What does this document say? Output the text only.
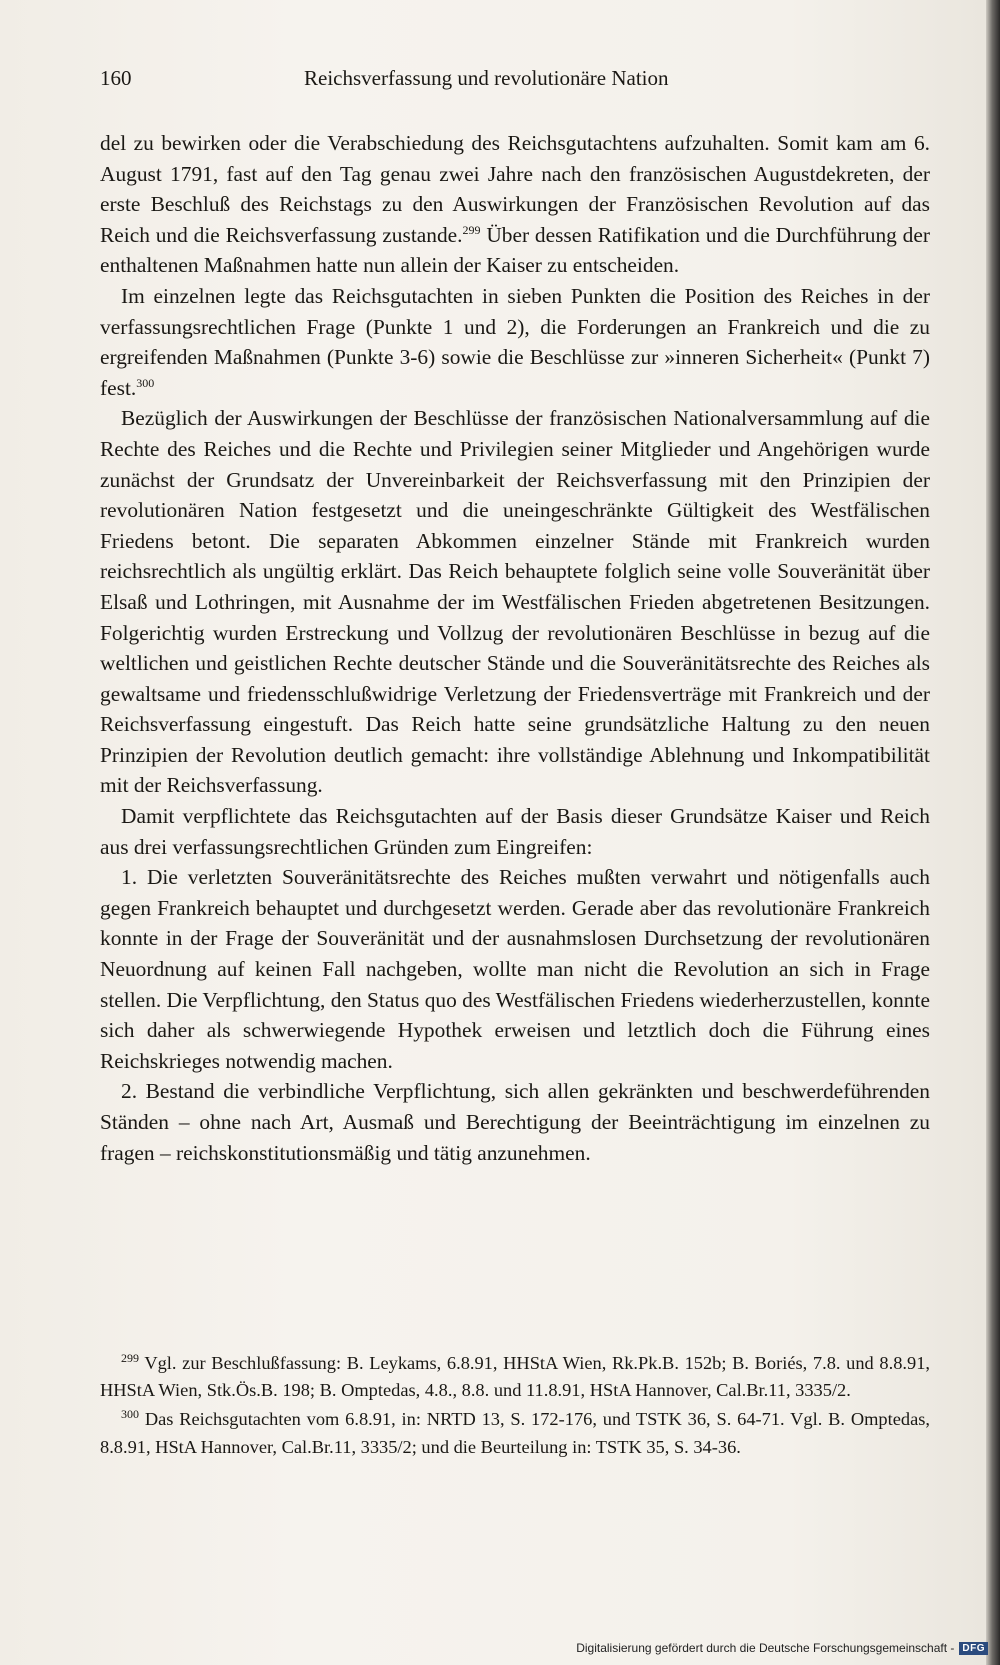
160	Reichsverfassung und revolutionäre Nation

del zu bewirken oder die Verabschiedung des Reichsgutachtens aufzuhalten. Somit kam am 6. August 1791, fast auf den Tag genau zwei Jahre nach den französischen Augustdekreten, der erste Beschluß des Reichstags zu den Auswirkungen der Französischen Revolution auf das Reich und die Reichsverfassung zustande.$^{299}$ Über dessen Ratifikation und die Durchführung der enthaltenen Maßnahmen hatte nun allein der Kaiser zu entscheiden.

Im einzelnen legte das Reichsgutachten in sieben Punkten die Position des Reiches in der verfassungsrechtlichen Frage (Punkte 1 und 2), die Forderungen an Frankreich und die zu ergreifenden Maßnahmen (Punkte 3-6) sowie die Beschlüsse zur »inneren Sicherheit« (Punkt 7) fest.$^{300}$

Bezüglich der Auswirkungen der Beschlüsse der französischen Nationalversammlung auf die Rechte des Reiches und die Rechte und Privilegien seiner Mitglieder und Angehörigen wurde zunächst der Grundsatz der Unvereinbarkeit der Reichsverfassung mit den Prinzipien der revolutionären Nation festgesetzt und die uneingeschränkte Gültigkeit des Westfälischen Friedens betont. Die separaten Abkommen einzelner Stände mit Frankreich wurden reichsrechtlich als ungültig erklärt. Das Reich behauptete folglich seine volle Souveränität über Elsaß und Lothringen, mit Ausnahme der im Westfälischen Frieden abgetretenen Besitzungen. Folgerichtig wurden Erstreckung und Vollzug der revolutionären Beschlüsse in bezug auf die weltlichen und geistlichen Rechte deutscher Stände und die Souveränitätsrechte des Reiches als gewaltsame und friedensschlußwidrige Verletzung der Friedensverträge mit Frankreich und der Reichsverfassung eingestuft. Das Reich hatte seine grundsätzliche Haltung zu den neuen Prinzipien der Revolution deutlich gemacht: ihre vollständige Ablehnung und Inkompatibilität mit der Reichsverfassung.

Damit verpflichtete das Reichsgutachten auf der Basis dieser Grundsätze Kaiser und Reich aus drei verfassungsrechtlichen Gründen zum Eingreifen:

1. Die verletzten Souveränitätsrechte des Reiches mußten verwahrt und nötigenfalls auch gegen Frankreich behauptet und durchgesetzt werden. Gerade aber das revolutionäre Frankreich konnte in der Frage der Souveränität und der ausnahmslosen Durchsetzung der revolutionären Neuordnung auf keinen Fall nachgeben, wollte man nicht die Revolution an sich in Frage stellen. Die Verpflichtung, den Status quo des Westfälischen Friedens wiederherzustellen, konnte sich daher als schwerwiegende Hypothek erweisen und letztlich doch die Führung eines Reichskrieges notwendig machen.

2. Bestand die verbindliche Verpflichtung, sich allen gekränkten und beschwerdeführenden Ständen – ohne nach Art, Ausmaß und Berechtigung der Beeinträchtigung im einzelnen zu fragen – reichskonstitutionsmäßig und tätig anzunehmen.

$^{299}$ Vgl. zur Beschlußfassung: B. Leykams, 6.8.91, HHStA Wien, Rk.Pk.B. 152b; B. Boriés, 7.8. und 8.8.91, HHStA Wien, Stk.Ös.B. 198; B. Omptedas, 4.8., 8.8. und 11.8.91, HStA Hannover, Cal.Br.11, 3335/2.

$^{300}$ Das Reichsgutachten vom 6.8.91, in: NRTD 13, S. 172-176, und TSTK 36, S. 64-71. Vgl. B. Omptedas, 8.8.91, HStA Hannover, Cal.Br.11, 3335/2; und die Beurteilung in: TSTK 35, S. 34-36.

Digitalisierung gefördert durch die Deutsche Forschungsgemeinschaft - DFG
